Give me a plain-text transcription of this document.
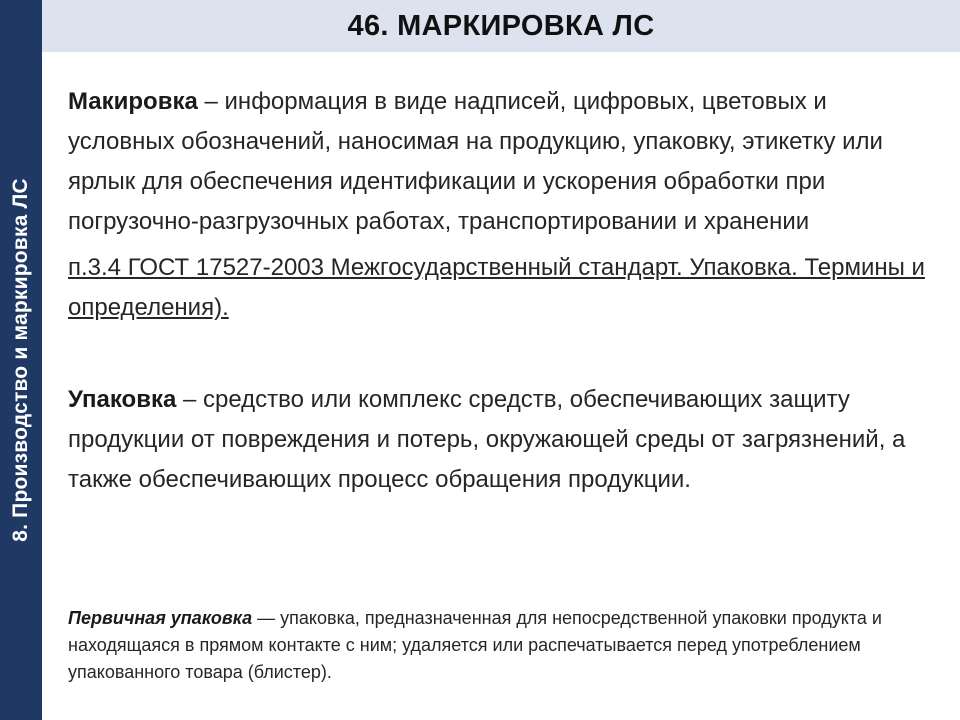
8. Производство и маркировка ЛС
46. МАРКИРОВКА ЛС

Макировка – информация в виде надписей, цифровых, цветовых и условных обозначений, наносимая на продукцию, упаковку, этикетку или ярлык для обеспечения идентификации и ускорения обработки при погрузочно-разгрузочных работах, транспортировании и хранении

п.3.4 ГОСТ 17527-2003 Межгосударственный стандарт. Упаковка. Термины и определения).

Упаковка – средство или комплекс средств, обеспечивающих защиту продукции от повреждения и потерь, окружающей среды от загрязнений, а также обеспечивающих процесс обращения продукции.

Первичная упаковка — упаковка, предназначенная для непосредственной упаковки продукта и находящаяся в прямом контакте с ним; удаляется или распечатывается перед употреблением упакованного товара (блистер).
